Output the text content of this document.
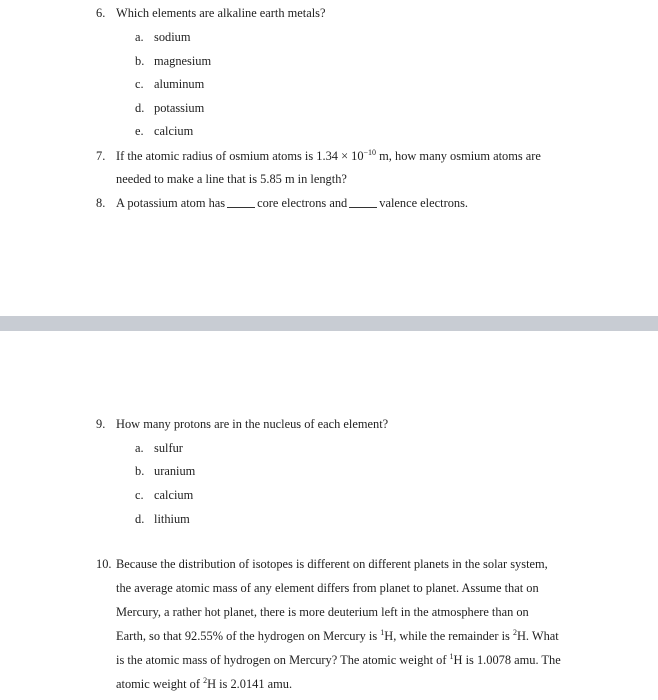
6. Which elements are alkaline earth metals?
a. sodium
b. magnesium
c. aluminum
d. potassium
e. calcium
7. If the atomic radius of osmium atoms is $1.34 \times 10^{-10}$ m, how many osmium atoms are
needed to make a line that is 5.85 m in length?
8. A potassium atom has	core electrons and	valence electrons.
9. How many protons are in the nucleus of each element?
a. sulfur
b. uranium
c. calcium
d. lithium
10. Because the distribution of isotopes is different on different planets in the solar system,
the average atomic mass of any element differs from planet to planet. Assume that on
Mercury, a rather hot planet, there is more deuterium left in the atmosphere than on
Earth, so that 92.55% of the hydrogen on Mercury is $^1$H, while the remainder is $^2$H. What
is the atomic mass of hydrogen on Mercury? The atomic weight of $^1$H is 1.0078 amu. The
atomic weight of $^2$H is 2.0141 amu.
